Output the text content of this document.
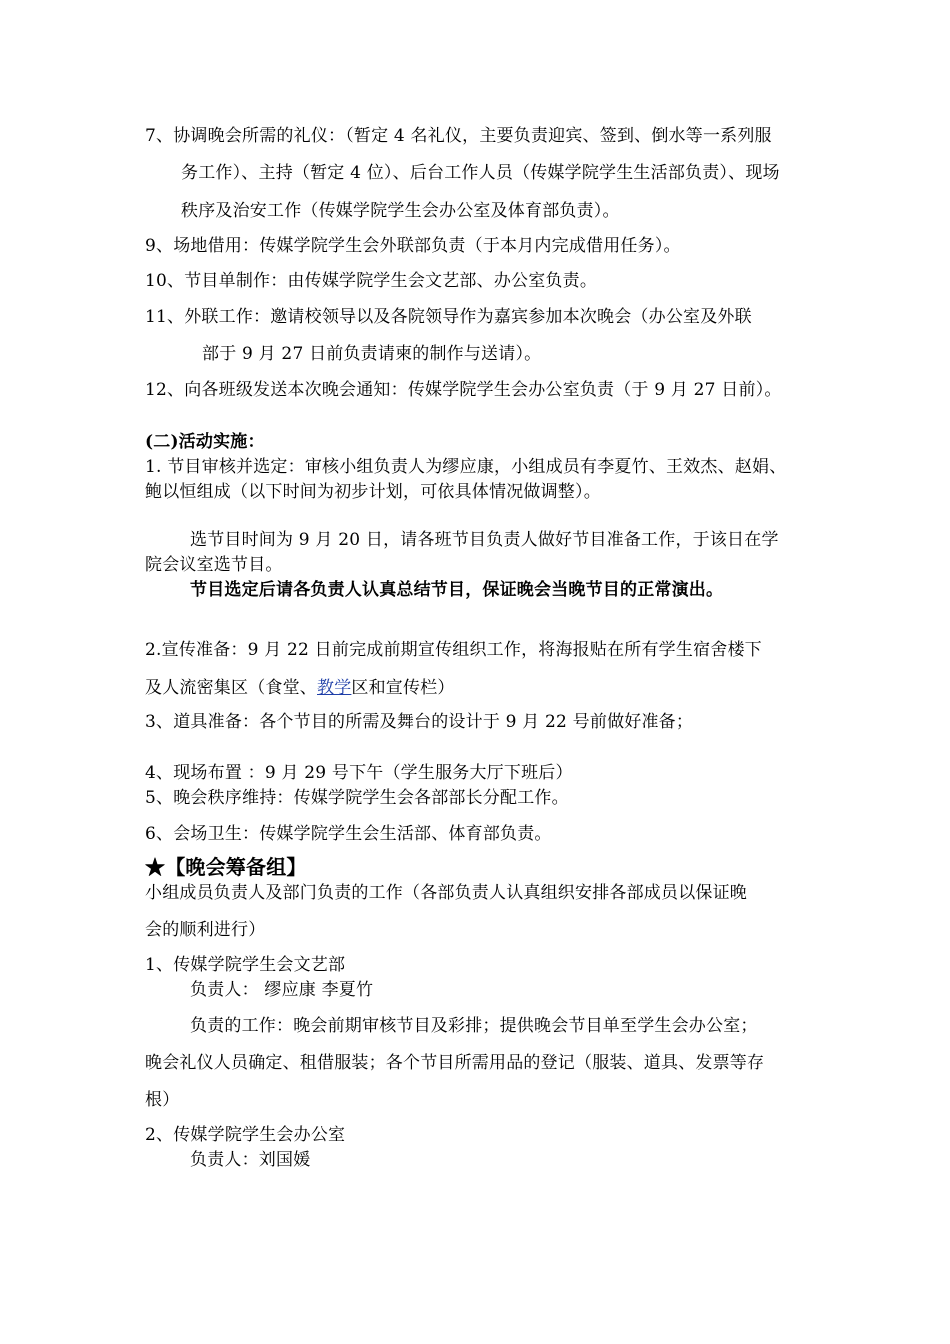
7、协调晚会所需的礼仪：（暂定 4 名礼仪，主要负责迎宾、签到、倒水等一系列服
务工作）、主持（暂定 4 位）、后台工作人员（传媒学院学生生活部负责）、现场
秩序及治安工作（传媒学院学生会办公室及体育部负责）。
9、场地借用：传媒学院学生会外联部负责（于本月内完成借用任务）。
10、节目单制作：由传媒学院学生会文艺部、办公室负责。
11、外联工作：邀请校领导以及各院领导作为嘉宾参加本次晚会（办公室及外联
部于 9 月 27 日前负责请柬的制作与送请）。
12、向各班级发送本次晚会通知：传媒学院学生会办公室负责（于 9 月 27 日前）。
(二)活动实施：
1. 节目审核并选定：审核小组负责人为缪应康，小组成员有李夏竹、王效杰、赵娟、
鲍以恒组成（以下时间为初步计划，可依具体情况做调整）。
选节目时间为 9 月 20 日，请各班节目负责人做好节目准备工作，于该日在学
院会议室选节目。
节目选定后请各负责人认真总结节目，保证晚会当晚节目的正常演出。
2.宣传准备：9 月 22 日前完成前期宣传组织工作，将海报贴在所有学生宿舍楼下
及人流密集区（食堂、教学区和宣传栏）
3、道具准备：各个节目的所需及舞台的设计于 9 月 22 号前做好准备；
4、现场布置 ：9 月 29 号下午（学生服务大厅下班后）
5、晚会秩序维持：传媒学院学生会各部部长分配工作。
6、会场卫生：传媒学院学生会生活部、体育部负责。
★【晚会筹备组】
小组成员负责人及部门负责的工作（各部负责人认真组织安排各部成员以保证晚
会的顺利进行）
1、传媒学院学生会文艺部
负责人： 缪应康 李夏竹
负责的工作：晚会前期审核节目及彩排；提供晚会节目单至学生会办公室；
晚会礼仪人员确定、租借服装；各个节目所需用品的登记（服装、道具、发票等存
根）
2、传媒学院学生会办公室
负责人：刘国媛
